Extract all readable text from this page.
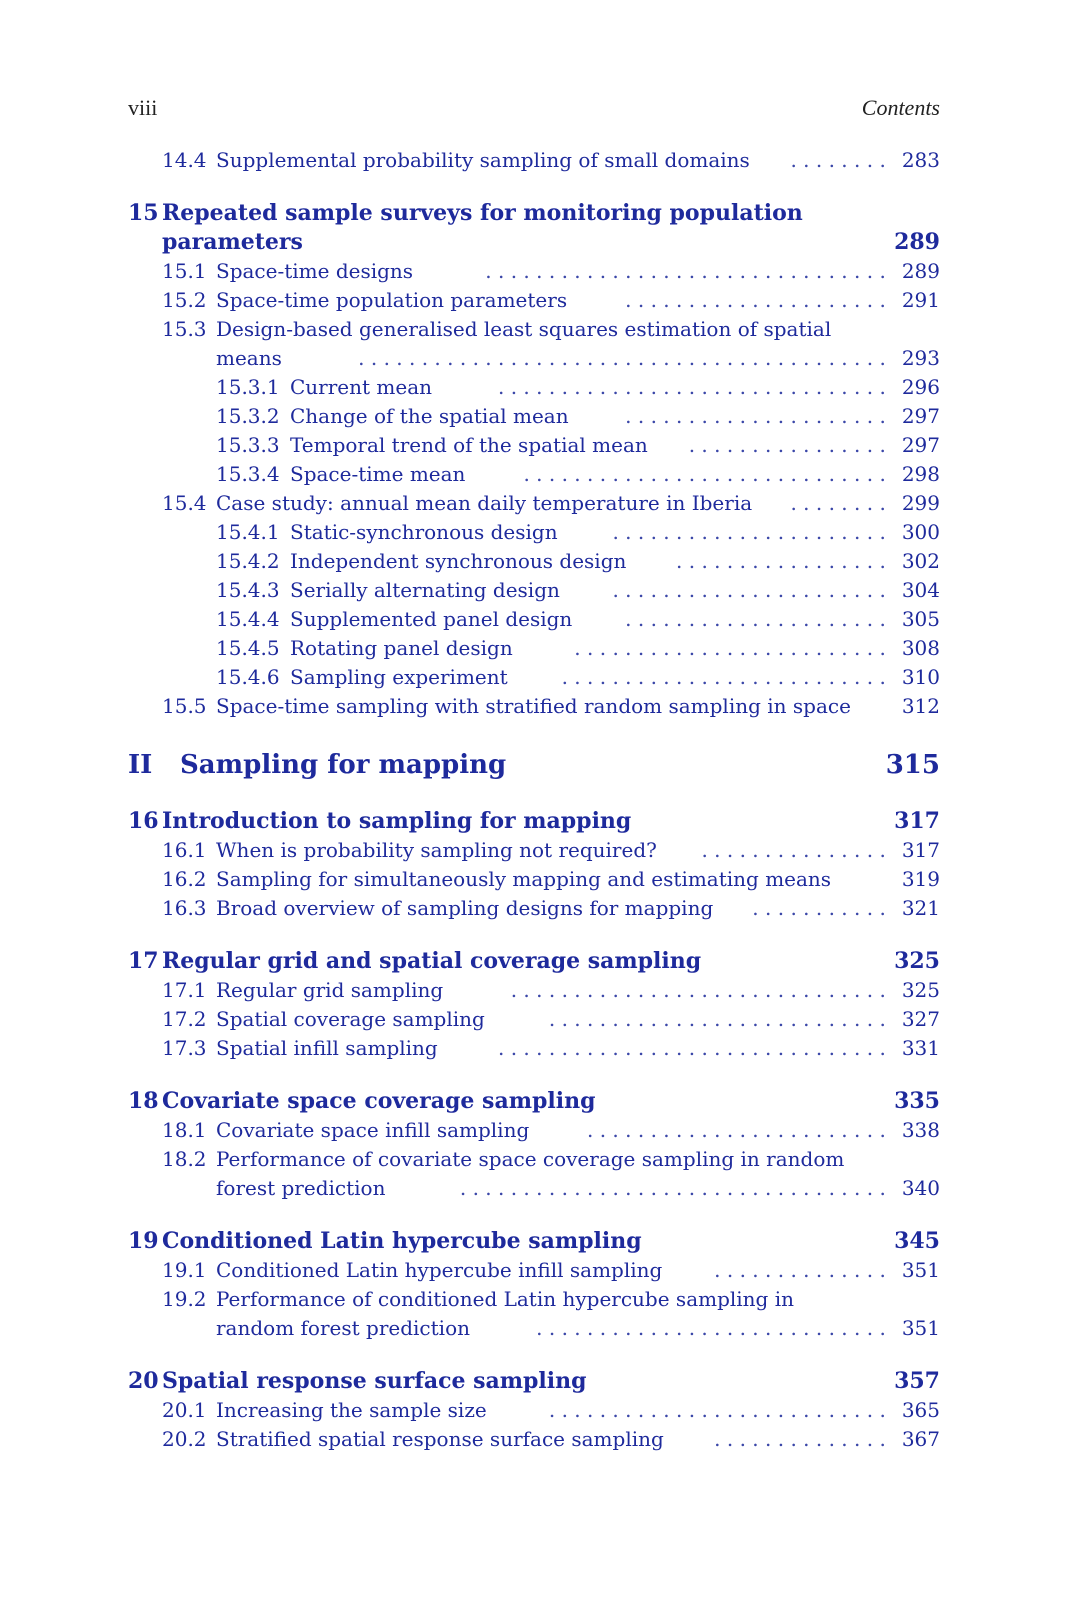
viii	Contents
14.4 Supplemental probability sampling of small domains	283
. . . . . . . .
15 Repeated sample surveys for monitoring population
parameters	289
15.1 Space-time designs	289
. . . . . . . . . . . . . . . . . . . . . . . . . . . . . . . .
15.2 Space-time population parameters	291
. . . . . . . . . . . . . . . . . . . . .
15.3 Design-based generalised least squares estimation of spatial
means	293
. . . . . . . . . . . . . . . . . . . . . . . . . . . . . . . . . . . . . . . . . .
15.3.1 Current mean	296
. . . . . . . . . . . . . . . . . . . . . . . . . . . . . . .
15.3.2 Change of the spatial mean	297
. . . . . . . . . . . . . . . . . . . . .
15.3.3 Temporal trend of the spatial mean	297
. . . . . . . . . . . . . . . .
15.3.4 Space-time mean	298
. . . . . . . . . . . . . . . . . . . . . . . . . . . . .
15.4 Case study: annual mean daily temperature in Iberia	299
. . . . . . . .
15.4.1 Static-synchronous design	300
. . . . . . . . . . . . . . . . . . . . . .
15.4.2 Independent synchronous design	302
. . . . . . . . . . . . . . . . .
15.4.3 Serially alternating design	304
. . . . . . . . . . . . . . . . . . . . . .
15.4.4 Supplemented panel design	305
. . . . . . . . . . . . . . . . . . . . .
15.4.5 Rotating panel design	308
. . . . . . . . . . . . . . . . . . . . . . . . .
15.4.6 Sampling experiment	310
. . . . . . . . . . . . . . . . . . . . . . . . . .
15.5 Space-time sampling with stratified random sampling in space	312
II Sampling for mapping	315
16 Introduction to sampling for mapping	317
16.1 When is probability sampling not required?	317
. . . . . . . . . . . . . . .
16.2 Sampling for simultaneously mapping and estimating means	319
16.3 Broad overview of sampling designs for mapping	321
. . . . . . . . . . .
17 Regular grid and spatial coverage sampling	325
17.1 Regular grid sampling	325
. . . . . . . . . . . . . . . . . . . . . . . . . . . . . .
17.2 Spatial coverage sampling	327
. . . . . . . . . . . . . . . . . . . . . . . . . . .
17.3 Spatial infill sampling	331
. . . . . . . . . . . . . . . . . . . . . . . . . . . . . . .
18 Covariate space coverage sampling	335
18.1 Covariate space infill sampling	338
. . . . . . . . . . . . . . . . . . . . . . . .
18.2 Performance of covariate space coverage sampling in random
forest prediction	340
. . . . . . . . . . . . . . . . . . . . . . . . . . . . . . . . . .
19 Conditioned Latin hypercube sampling	345
19.1 Conditioned Latin hypercube infill sampling	351
. . . . . . . . . . . . . .
19.2 Performance of conditioned Latin hypercube sampling in
random forest prediction	351
. . . . . . . . . . . . . . . . . . . . . . . . . . . .
20 Spatial response surface sampling	357
20.1 Increasing the sample size	365
. . . . . . . . . . . . . . . . . . . . . . . . . . .
20.2 Stratified spatial response surface sampling	367
. . . . . . . . . . . . . .
